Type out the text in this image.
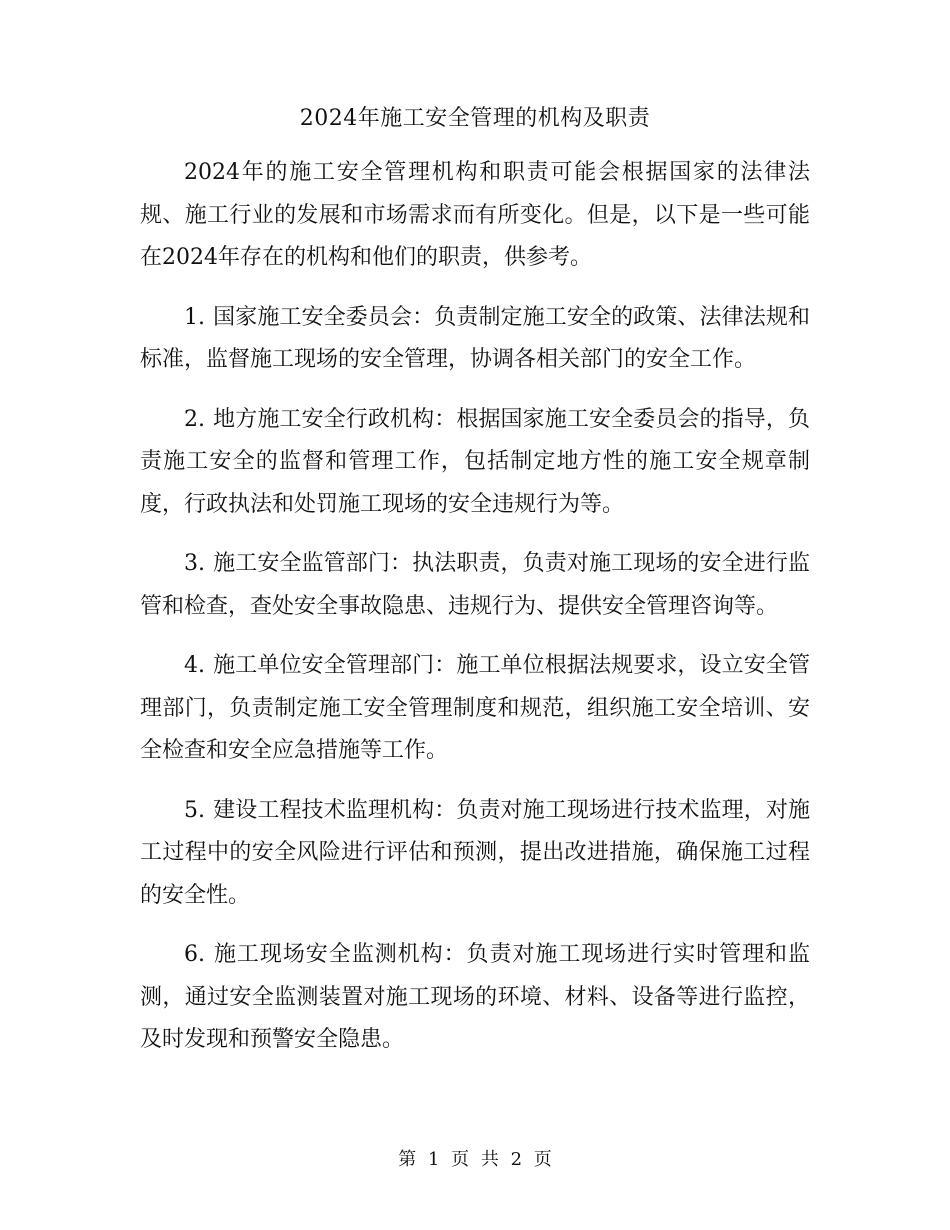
2024年施工安全管理的机构及职责

2024年的施工安全管理机构和职责可能会根据国家的法律法规、施工行业的发展和市场需求而有所变化。但是，以下是一些可能在2024年存在的机构和他们的职责，供参考。

1. 国家施工安全委员会：负责制定施工安全的政策、法律法规和标准，监督施工现场的安全管理，协调各相关部门的安全工作。

2. 地方施工安全行政机构：根据国家施工安全委员会的指导，负责施工安全的监督和管理工作，包括制定地方性的施工安全规章制度，行政执法和处罚施工现场的安全违规行为等。

3. 施工安全监管部门：执法职责，负责对施工现场的安全进行监管和检查，查处安全事故隐患、违规行为、提供安全管理咨询等。

4. 施工单位安全管理部门：施工单位根据法规要求，设立安全管理部门，负责制定施工安全管理制度和规范，组织施工安全培训、安全检查和安全应急措施等工作。

5. 建设工程技术监理机构：负责对施工现场进行技术监理，对施工过程中的安全风险进行评估和预测，提出改进措施，确保施工过程的安全性。

6. 施工现场安全监测机构：负责对施工现场进行实时管理和监测，通过安全监测装置对施工现场的环境、材料、设备等进行监控，及时发现和预警安全隐患。

第 1 页 共 2 页
